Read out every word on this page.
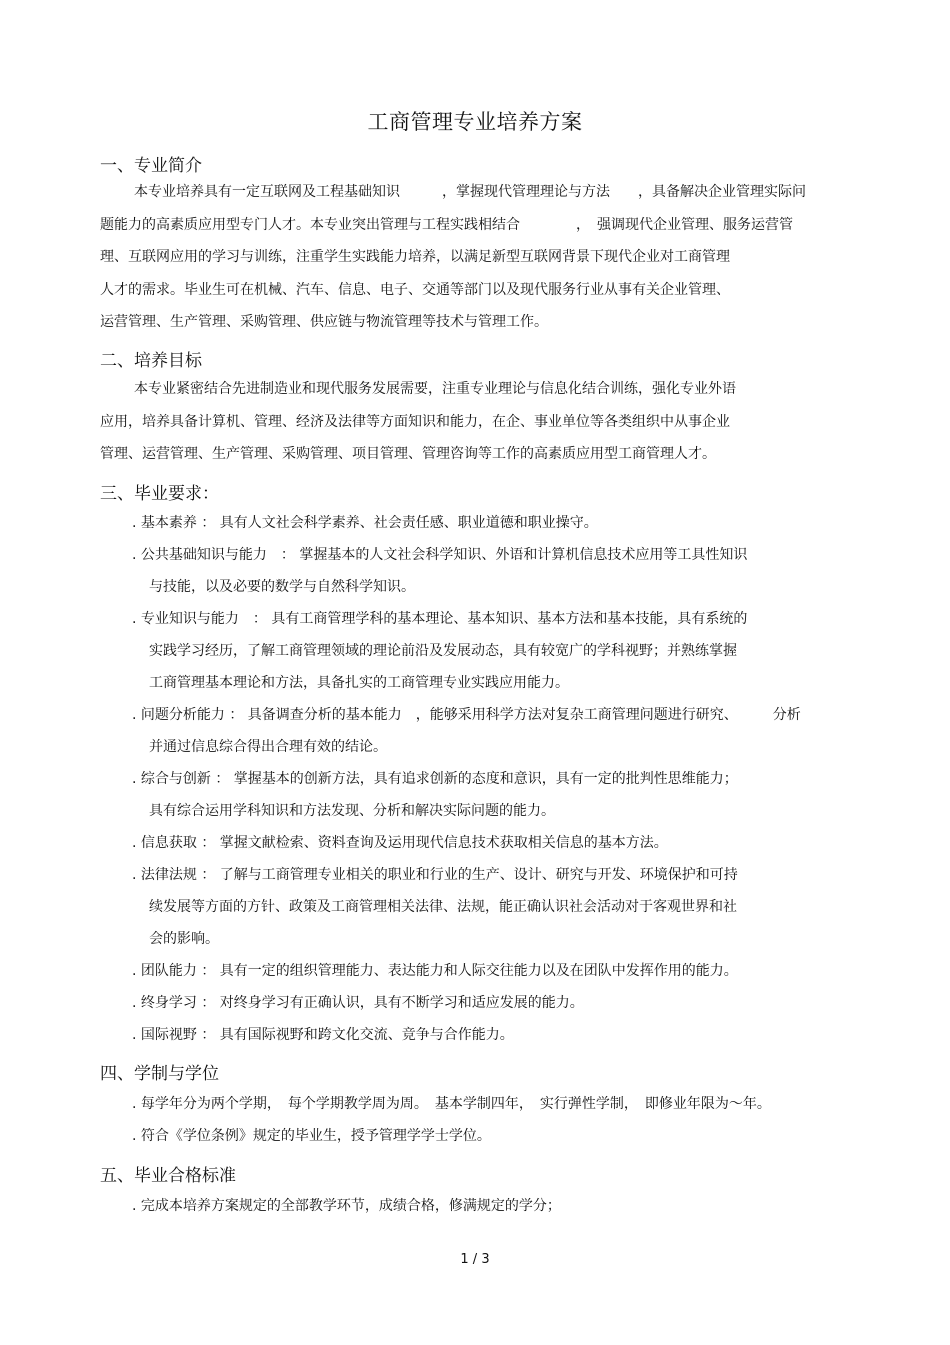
工商管理专业培养方案
一、专业简介
本专业培养具有一定互联网及工程基础知识　　　，掌握现代管理理论与方法　　，具备解决企业管理实际问
题能力的高素质应用型专门人才。本专业突出管理与工程实践相结合　　　　，　强调现代企业管理、服务运营管
理、互联网应用的学习与训练，注重学生实践能力培养，以满足新型互联网背景下现代企业对工商管理
人才的需求。毕业生可在机械、汽车、信息、电子、交通等部门以及现代服务行业从事有关企业管理、
运营管理、生产管理、采购管理、供应链与物流管理等技术与管理工作。
二、培养目标
本专业紧密结合先进制造业和现代服务发展需要，注重专业理论与信息化结合训练，强化专业外语
应用，培养具备计算机、管理、经济及法律等方面知识和能力，在企、事业单位等各类组织中从事企业
管理、运营管理、生产管理、采购管理、项目管理、管理咨询等工作的高素质应用型工商管理人才。
三、毕业要求：
. 基本素养 ： 具有人文社会科学素养、社会责任感、职业道德和职业操守。
. 公共基础知识与能力　： 掌握基本的人文社会科学知识、外语和计算机信息技术应用等工具性知识
与技能，以及必要的数学与自然科学知识。
. 专业知识与能力　： 具有工商管理学科的基本理论、基本知识、基本方法和基本技能，具有系统的
实践学习经历，了解工商管理领域的理论前沿及发展动态，具有较宽广的学科视野；并熟练掌握
工商管理基本理论和方法，具备扎实的工商管理专业实践应用能力。
. 问题分析能力 ： 具备调查分析的基本能力　，能够采用科学方法对复杂工商管理问题进行研究、　　　分析
并通过信息综合得出合理有效的结论。
. 综合与创新 ： 掌握基本的创新方法，具有追求创新的态度和意识，具有一定的批判性思维能力；
具有综合运用学科知识和方法发现、分析和解决实际问题的能力。
. 信息获取 ： 掌握文献检索、资料查询及运用现代信息技术获取相关信息的基本方法。
. 法律法规 ： 了解与工商管理专业相关的职业和行业的生产、设计、研究与开发、环境保护和可持
续发展等方面的方针、政策及工商管理相关法律、法规，能正确认识社会活动对于客观世界和社
会的影响。
. 团队能力 ： 具有一定的组织管理能力、表达能力和人际交往能力以及在团队中发挥作用的能力。
. 终身学习 ： 对终身学习有正确认识，具有不断学习和适应发展的能力。
. 国际视野 ： 具有国际视野和跨文化交流、竞争与合作能力。
四、学制与学位
. 每学年分为两个学期，　每个学期教学周为周。　基本学制四年，　实行弹性学制，　即修业年限为～年。
. 符合《学位条例》规定的毕业生，授予管理学学士学位。
五、毕业合格标准
. 完成本培养方案规定的全部教学环节，成绩合格，修满规定的学分；
1 / 3
